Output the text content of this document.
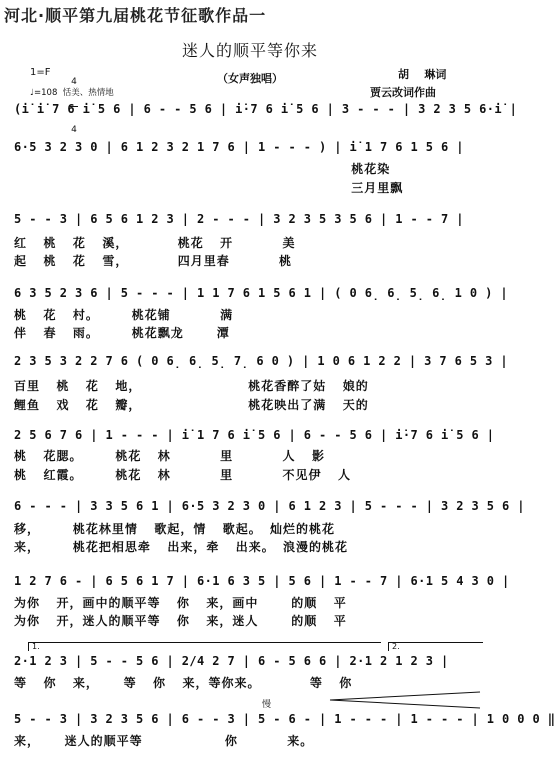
河北·顺平第九届桃花节征歌作品一
迷人的顺平等你来
1=F

4

4

（女声独唱）	胡    琳词
♩=108  恬美、热情地	贾云改词作曲
(i̇ i̇ 7 6 i̇ 5 6 | 6 - - 5 6 | i̇·7 6 i̇ 5 6 | 3 - - - | 3 2 3 5 6·i̇ |
6·5 3 2 3 0 | 6 1 2 3 2 1 7 6 | 1 - - - ) | i̇ 1 7 6 1 5 6 |
桃花染
三月里飘
5 - - 3 | 6 5 6 1 2 3 | 2 - - - | 3 2 3 5 3 5 6 | 1 - - 7 |
红  桃  花  溪，      桃花  开      美
起  桃  花  雪，      四月里春      桃
6 3 5 2 3 6 | 5 - - - | 1 1 7 6 1 5 6 1 | ( 0 6̣ 6̣ 5̣ 6̣ 1 0 ) |
桃  花  村。    桃花铺      满
伴  春  雨。    桃花飘龙    潭
2 3 5 3 2 2 7 6 ( 0 6̣ 6̣ 5̣ 7̣ 6 0 ) | 1 0 6 1 2 2 | 3 7 6 5 3 |
百里  桃  花  地，             桃花香醉了姑  娘的
鲤鱼  戏  花  瓣，             桃花映出了满  天的
2 5 6 7 6 | 1 - - - | i̇ 1 7 6 i̇ 5 6 | 6 - - 5 6 | i̇·7 6 i̇ 5 6 |
桃  花腮。    桃花  林      里      人  影
桃  红霞。    桃花  林      里      不见伊  人
6 - - - | 3 3 5 6 1 | 6·5 3 2 3 0 | 6 1 2 3 | 5 - - - | 3 2 3 5 6 |
移，    桃花林里情  歌起，情  歌起。 灿烂的桃花
来，    桃花把相思牵  出来，牵  出来。 浪漫的桃花
1 2 7 6 - | 6 5 6 1 7 | 6·1 6 3 5 | 5 6 | 1 - - 7 | 6·1 5 4 3 0 |
为你  开，画中的顺平等  你  来，画中    的顺  平
为你  开，迷人的顺平等  你  来，迷人    的顺  平
1.	2.
2·1 2 3 | 5 - - 5 6 | 2/4 2 7 | 6 - 5 6 6 | 2·1 2 1 2 3 |
等  你  来，   等  你  来，等你来。      等  你
慢
5 - - 3 | 3 2 3 5 6 | 6 - - 3 | 5 - 6 - | 1 - - - | 1 - - - | 1 0 0 0 ‖
来，   迷人的顺平等          你      来。
